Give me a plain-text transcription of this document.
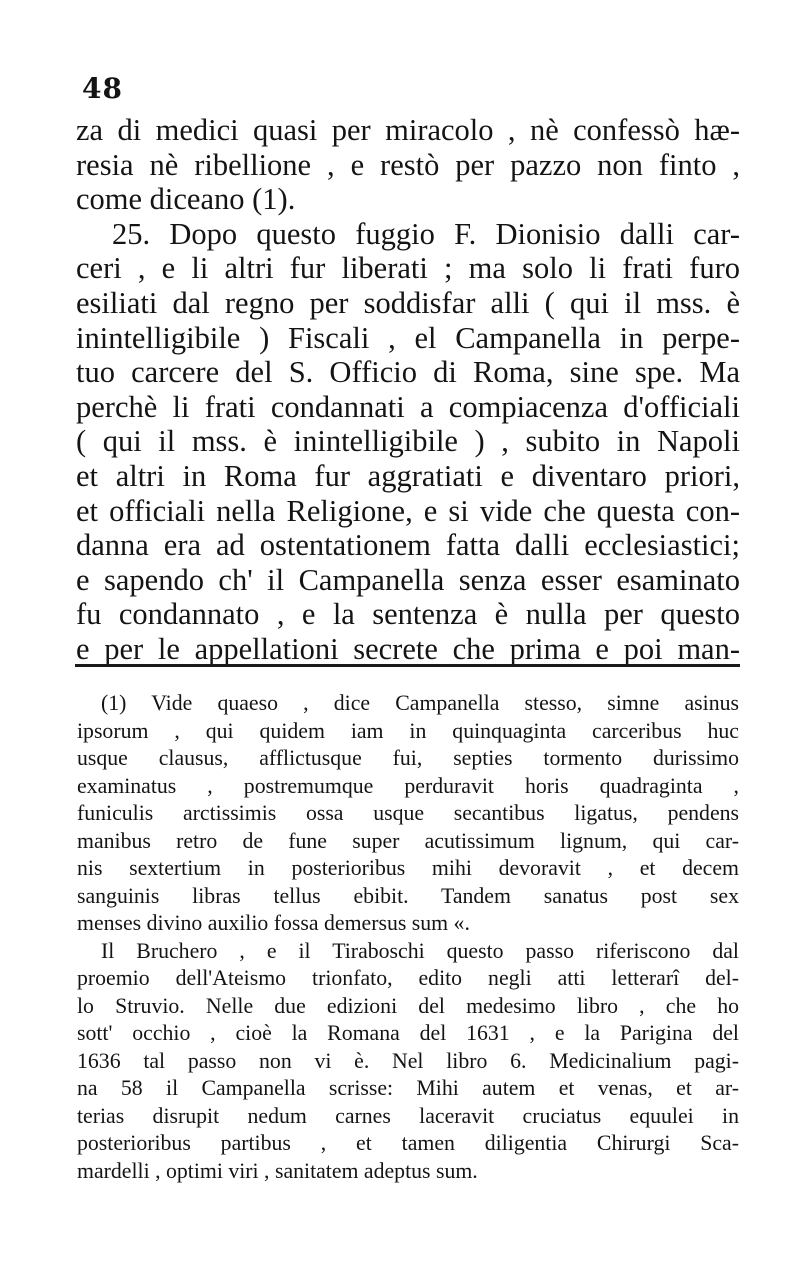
48
za di medici quasi per miracolo , nè confessò hæ-
resia nè ribellione , e restò per pazzo non finto ,
come diceano (1).
25. Dopo questo fuggio F. Dionisio dalli car-
ceri , e li altri fur liberati ; ma solo li frati furo
esiliati dal regno per soddisfar alli ( qui il mss. è
inintelligibile ) Fiscali , el Campanella in perpe-
tuo carcere del S. Officio di Roma, sine spe. Ma
perchè li frati condannati a compiacenza d'officiali
( qui il mss. è inintelligibile ) , subito in Napoli
et altri in Roma fur aggratiati e diventaro priori,
et officiali nella Religione, e si vide che questa con-
danna era ad ostentationem fatta dalli ecclesiastici;
e sapendo ch' il Campanella senza esser esaminato
fu condannato , e la sentenza è nulla per questo
e per le appellationi secrete che prima e poi man-
(1) Vide quaeso , dice Campanella stesso, simne asinus
ipsorum , qui quidem iam in quinquaginta carceribus huc
usque clausus, afflictusque fui, septies tormento durissimo
examinatus , postremumque perduravit horis quadraginta ,
funiculis arctissimis ossa usque secantibus ligatus, pendens
manibus retro de fune super acutissimum lignum, qui car-
nis sextertium in posterioribus mihi devoravit , et decem
sanguinis libras tellus ebibit. Tandem sanatus post sex
menses divino auxilio fossa demersus sum «.
Il Bruchero , e il Tiraboschi questo passo riferiscono dal
proemio dell'Ateismo trionfato, edito negli atti letterarî del-
lo Struvio. Nelle due edizioni del medesimo libro , che ho
sott' occhio , cioè la Romana del 1631 , e la Parigina del
1636 tal passo non vi è. Nel libro 6. Medicinalium pagi-
na 58 il Campanella scrisse: Mihi autem et venas, et ar-
terias disrupit nedum carnes laceravit cruciatus equulei in
posterioribus partibus , et tamen diligentia Chirurgi Sca-
mardelli , optimi viri , sanitatem adeptus sum.
